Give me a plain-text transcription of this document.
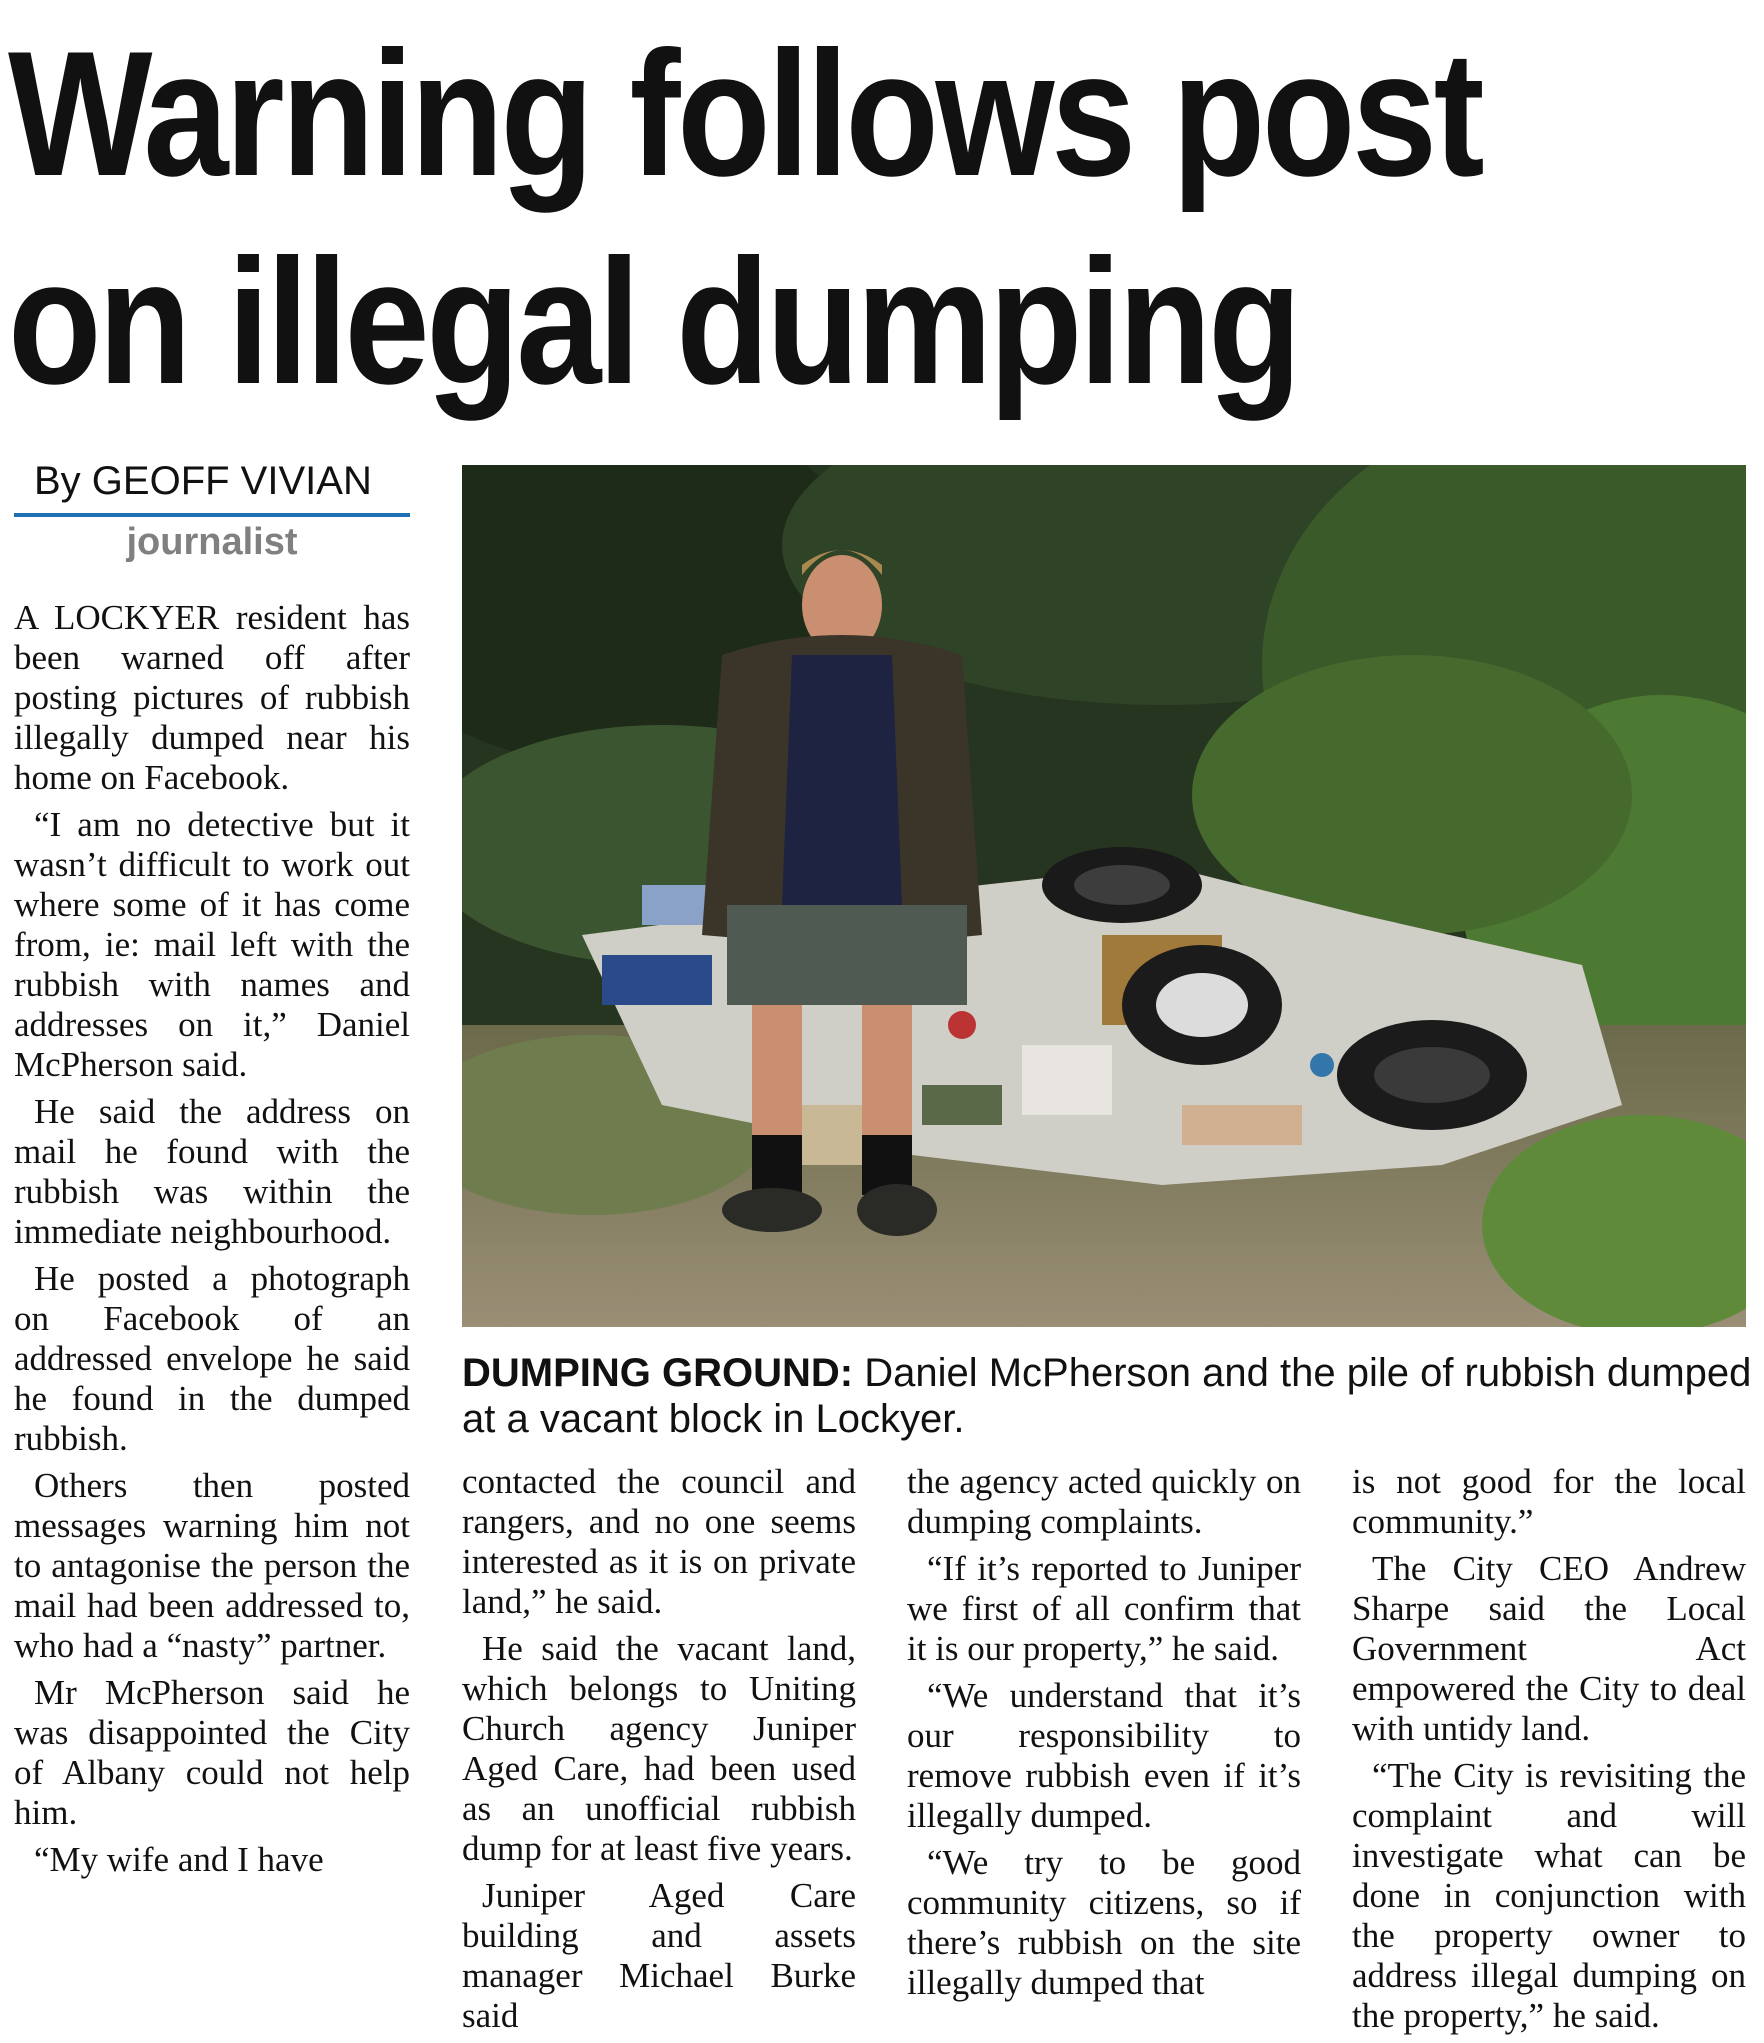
Warning follows post
on illegal dumping
By GEOFF VIVIAN
journalist
DUMPING GROUND: Daniel McPherson and the pile of rubbish dumped at a vacant block in Lockyer.

A LOCKYER resident has been warned off after posting pictures of rubbish illegally dumped near his home on Facebook.

“I am no detective but it wasn’t difficult to work out where some of it has come from, ie: mail left with the rubbish with names and addresses on it,” Daniel McPherson said.

He said the address on mail he found with the rubbish was within the immediate neighbourhood.

He posted a photograph on Facebook of an addressed envelope he said he found in the dumped rubbish.

Others then posted messages warning him not to antagonise the person the mail had been addressed to, who had a “nasty” partner.

Mr McPherson said he was disappointed the City of Albany could not help him.

“My wife and I have

contacted the council and rangers, and no one seems interested as it is on private land,” he said.

He said the vacant land, which belongs to Uniting Church agency Juniper Aged Care, had been used as an unofficial rubbish dump for at least five years.

Juniper Aged Care building and assets manager Michael Burke said

the agency acted quickly on dumping complaints.

“If it’s reported to Juniper we first of all confirm that it is our property,” he said.

“We understand that it’s our responsibility to remove rubbish even if it’s illegally dumped.

“We try to be good community citizens, so if there’s rubbish on the site illegally dumped that

is not good for the local community.”

The City CEO Andrew Sharpe said the Local Government Act empowered the City to deal with untidy land.

“The City is revisiting the complaint and will investigate what can be done in conjunction with the property owner to address illegal dumping on the property,” he said.
